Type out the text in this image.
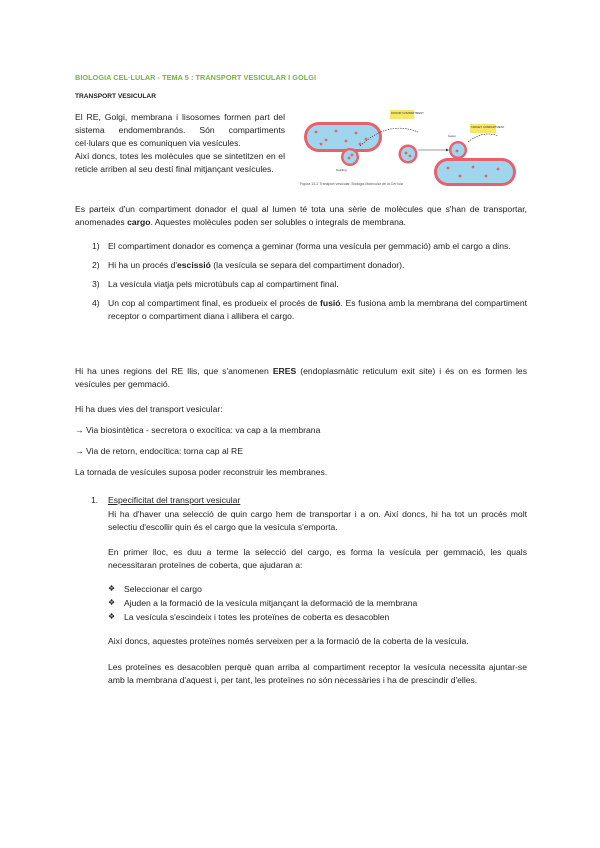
BIOLOGIA CEL·LULAR - TEMA 5 : TRANSPORT VESICULAR I GOLGI
TRANSPORT VESICULAR

El RE, Golgi, membrana i lisosomes formen part del sistema endomembranós. Són compartiments cel·lulars que es comuniquen via vesícules.

Així doncs, totes les molècules que se sintetitzen en el reticle arriben al seu destí final mitjançant vesícules.

DONOR COMPARTMENT
TARGET COMPARTMENT
budding
fusion
Figura 13-2 Transport vesicular. Biologia Molecular de la Cèl·lula
Es parteix d'un compartiment donador el qual al lumen té tota una sèrie de molècules que s'han de transportar, anomenades cargo. Aquestes molècules poden ser solubles o integrals de membrana.
1) El compartiment donador es comença a geminar (forma una vesícula per gemmació) amb el cargo a dins.
2) Hi ha un procés d'escissió (la vesícula se separa del compartiment donador).
3) La vesícula viatja pels microtúbuls cap al compartiment final.
4) Un cop al compartiment final, es produeix el procés de fusió. Es fusiona amb la membrana del compartiment receptor o compartiment diana i allibera el cargo.
Hi ha unes regions del RE llis, que s'anomenen ERES (endoplasmàtic reticulum exit site) i és on es formen les vesícules per gemmació.
Hi ha dues vies del transport vesicular:
→ Via biosintètica - secretora o exocítica: va cap a la membrana
→ Via de retorn, endocítica: torna cap al RE
La tornada de vesícules suposa poder reconstruir les membranes.
1. Especificitat del transport vesicular
Hi ha d'haver una selecció de quin cargo hem de transportar i a on. Així doncs, hi ha tot un procés molt selectiu d'escollir quin és el cargo que la vesícula s'emporta.
En primer lloc, es duu a terme la selecció del cargo, es forma la vesícula per gemmació, les quals necessitaran proteïnes de coberta, que ajudaran a:
❖ Seleccionar el cargo
❖ Ajuden a la formació de la vesícula mitjançant la deformació de la membrana
❖ La vesícula s'escindeix i totes les proteïnes de coberta es desacoblen
Així doncs, aquestes proteïnes només serveixen per a la formació de la coberta de la vesícula.
Les proteïnes es desacoblen perquè quan arriba al compartiment receptor la vesícula necessita ajuntar-se amb la membrana d'aquest i, per tant, les proteïnes no són necessàries i ha de prescindir d'elles.
